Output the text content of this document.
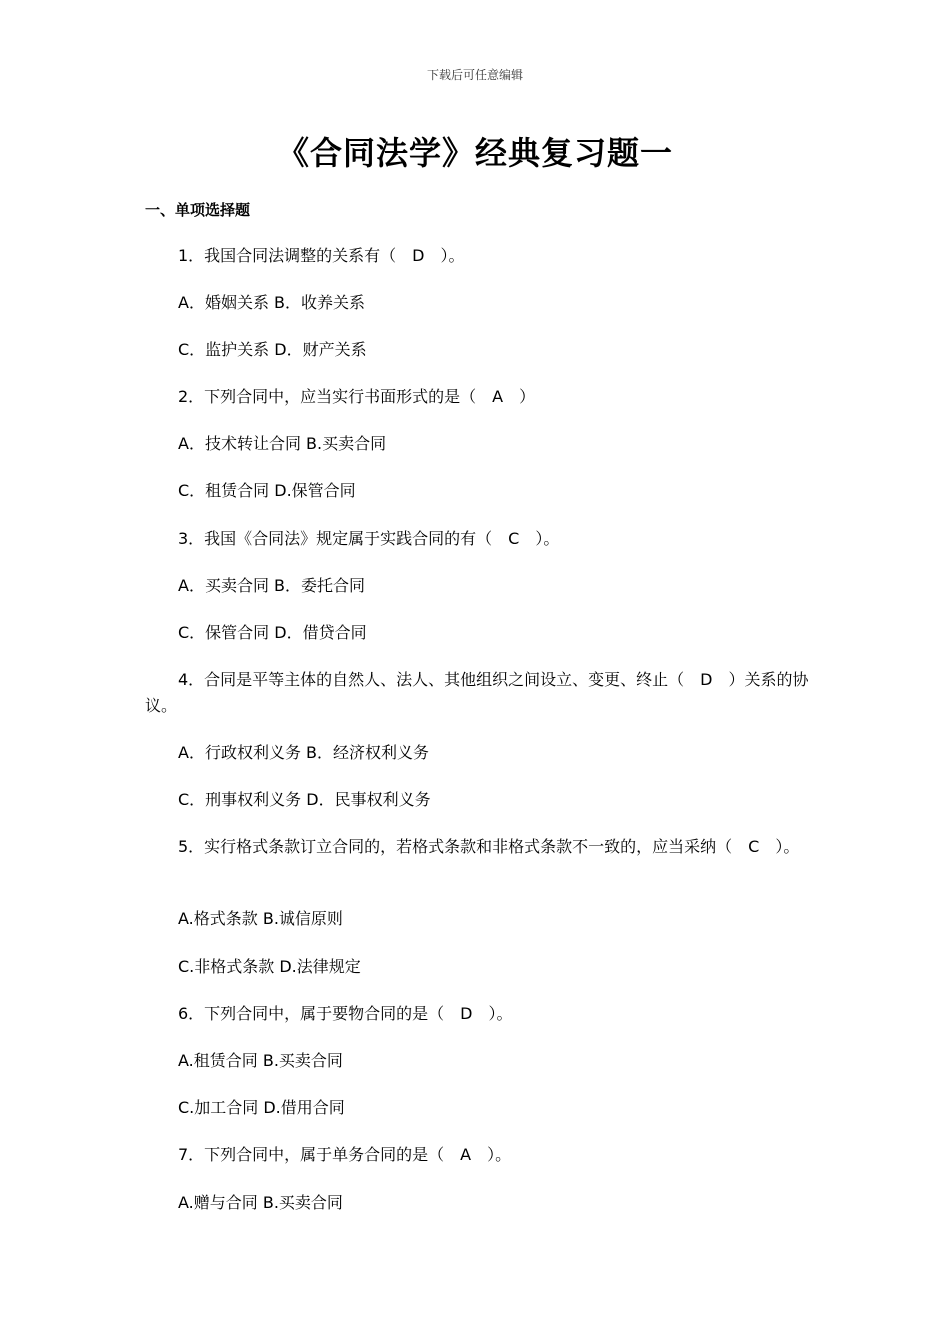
下载后可任意编辑
《合同法学》经典复习题一
一、单项选择题
1．我国合同法调整的关系有（　D　）。
A．婚姻关系 B．收养关系
C．监护关系 D．财产关系
2．下列合同中，应当实行书面形式的是（　A　）
A．技术转让合同 B.买卖合同
C．租赁合同 D.保管合同
3．我国《合同法》规定属于实践合同的有（　C　）。
A．买卖合同 B．委托合同
C．保管合同 D．借贷合同
4．合同是平等主体的自然人、法人、其他组织之间设立、变更、终止（　D　）关系的协议。
A．行政权利义务 B．经济权利义务
C．刑事权利义务 D．民事权利义务
5．实行格式条款订立合同的，若格式条款和非格式条款不一致的，应当采纳（　C　）。
A.格式条款 B.诚信原则
C.非格式条款 D.法律规定
6．下列合同中，属于要物合同的是（　D　）。
A.租赁合同 B.买卖合同
C.加工合同 D.借用合同
7．下列合同中，属于单务合同的是（　A　）。
A.赠与合同 B.买卖合同
